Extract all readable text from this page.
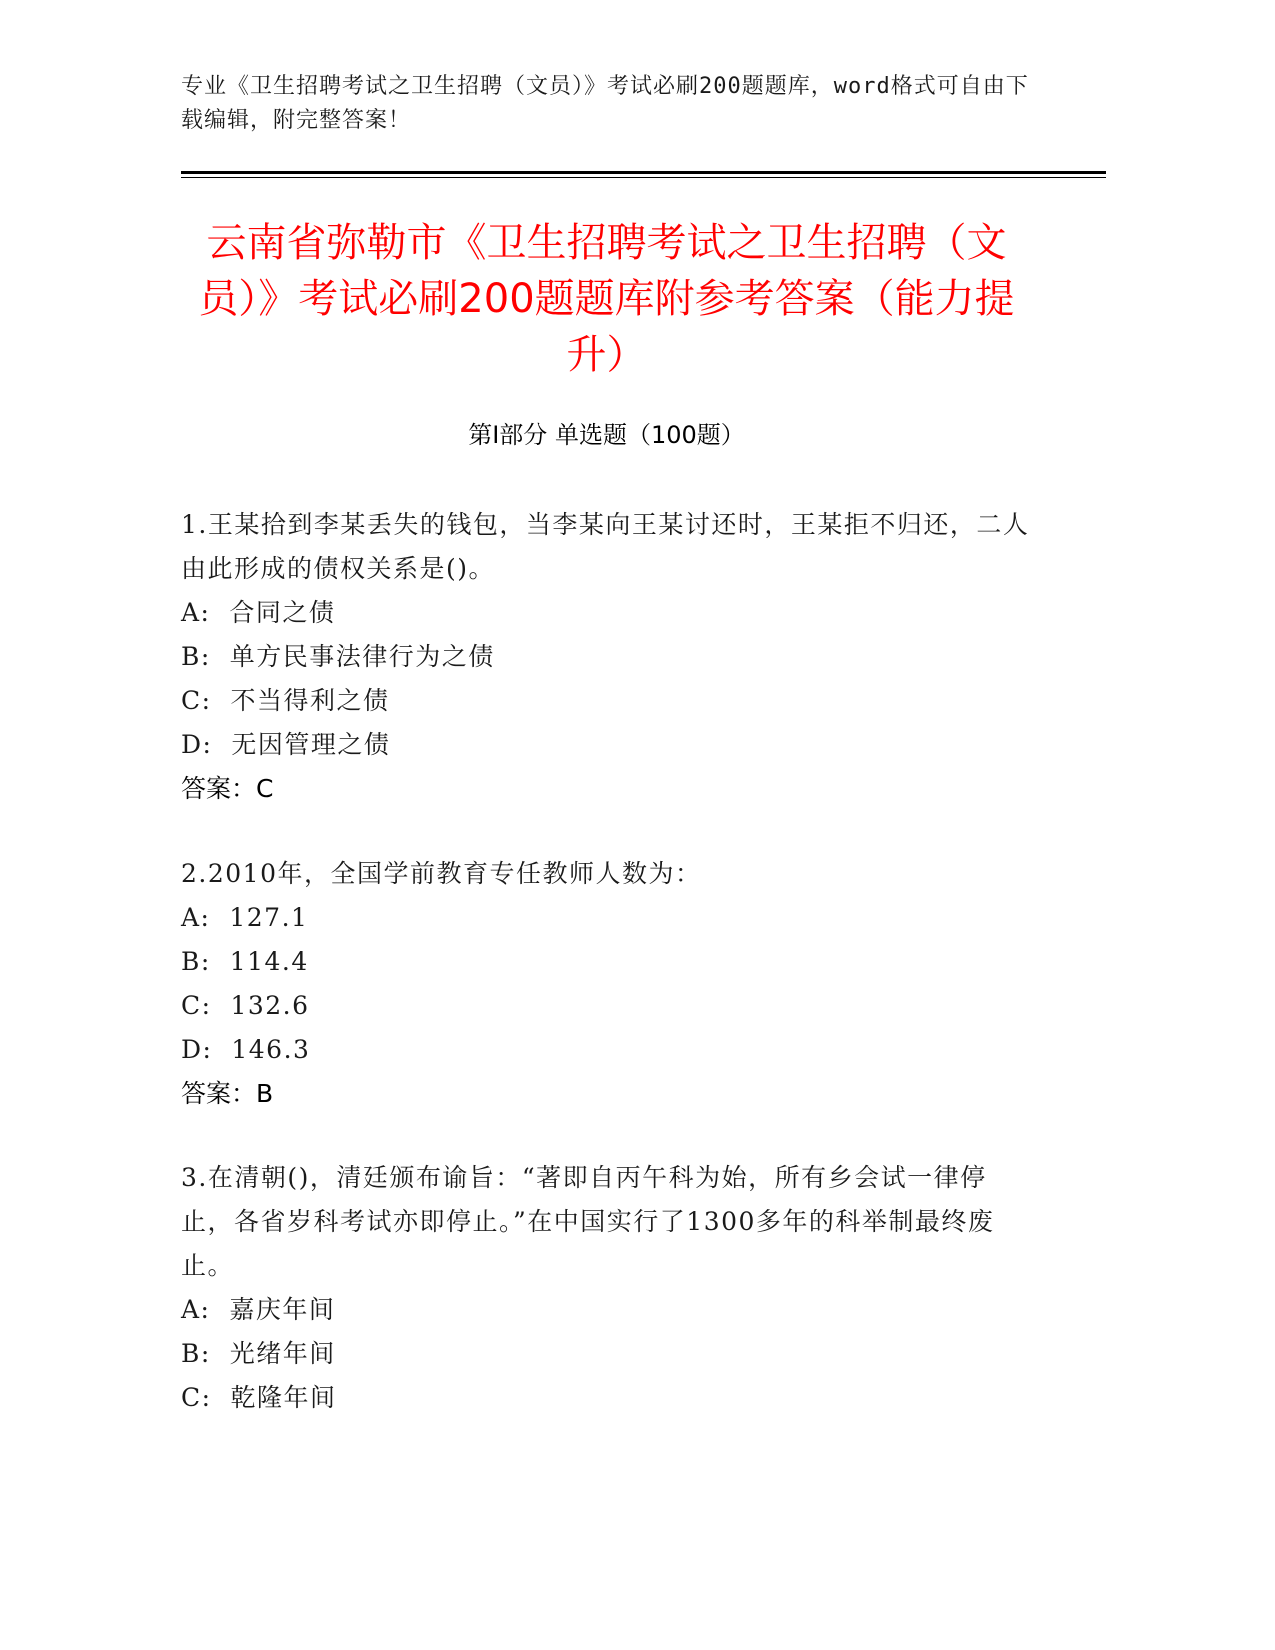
专业《卫生招聘考试之卫生招聘（文员）》考试必刷200题题库，word格式可自由下载编辑，附完整答案！
云南省弥勒市《卫生招聘考试之卫生招聘（文员）》考试必刷200题题库附参考答案（能力提升）
第Ⅰ部分 单选题（100题）
1.王某拾到李某丢失的钱包，当李某向王某讨还时，王某拒不归还，二人由此形成的债权关系是()。
A:  合同之债
B:  单方民事法律行为之债
C:  不当得利之债
D:  无因管理之债
答案：C
2.2010年，全国学前教育专任教师人数为：
A:  127.1
B:  114.4
C:  132.6
D:  146.3
答案：B
3.在清朝()，清廷颁布谕旨：“著即自丙午科为始，所有乡会试一律停止，各省岁科考试亦即停止。”在中国实行了1300多年的科举制最终废止。
A:  嘉庆年间
B:  光绪年间
C:  乾隆年间
